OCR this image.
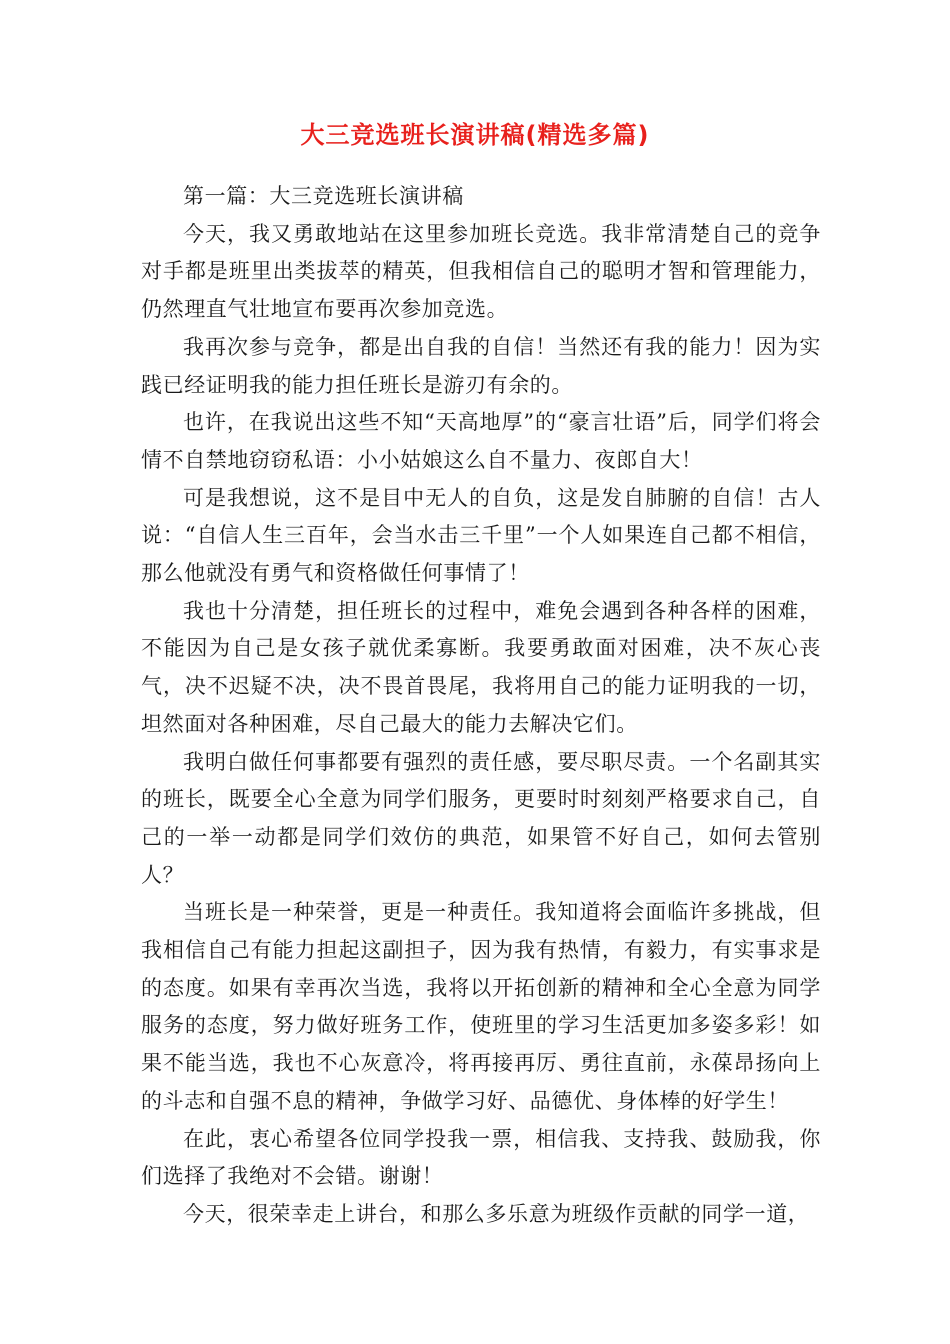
大三竞选班长演讲稿(精选多篇)

第一篇：大三竞选班长演讲稿

今天，我又勇敢地站在这里参加班长竞选。我非常清楚自己的竞争对手都是班里出类拔萃的精英，但我相信自己的聪明才智和管理能力，仍然理直气壮地宣布要再次参加竞选。

我再次参与竞争，都是出自我的自信！当然还有我的能力！因为实践已经证明我的能力担任班长是游刃有余的。

也许，在我说出这些不知“天高地厚”的“豪言壮语”后，同学们将会情不自禁地窃窃私语：小小姑娘这么自不量力、夜郎自大！

可是我想说，这不是目中无人的自负，这是发自肺腑的自信！古人说：“自信人生三百年，会当水击三千里”一个人如果连自己都不相信，那么他就没有勇气和资格做任何事情了！

我也十分清楚，担任班长的过程中，难免会遇到各种各样的困难，不能因为自己是女孩子就优柔寡断。我要勇敢面对困难，决不灰心丧气，决不迟疑不决，决不畏首畏尾，我将用自己的能力证明我的一切，坦然面对各种困难，尽自己最大的能力去解决它们。

我明白做任何事都要有强烈的责任感，要尽职尽责。一个名副其实的班长，既要全心全意为同学们服务，更要时时刻刻严格要求自己，自己的一举一动都是同学们效仿的典范，如果管不好自己，如何去管别人？

当班长是一种荣誉，更是一种责任。我知道将会面临许多挑战，但我相信自己有能力担起这副担子，因为我有热情，有毅力，有实事求是的态度。如果有幸再次当选，我将以开拓创新的精神和全心全意为同学服务的态度，努力做好班务工作，使班里的学习生活更加多姿多彩！如果不能当选，我也不心灰意冷，将再接再厉、勇往直前，永葆昂扬向上的斗志和自强不息的精神，争做学习好、品德优、身体棒的好学生！

在此，衷心希望各位同学投我一票，相信我、支持我、鼓励我，你们选择了我绝对不会错。谢谢！

今天，很荣幸走上讲台，和那么多乐意为班级作贡献的同学一道，
